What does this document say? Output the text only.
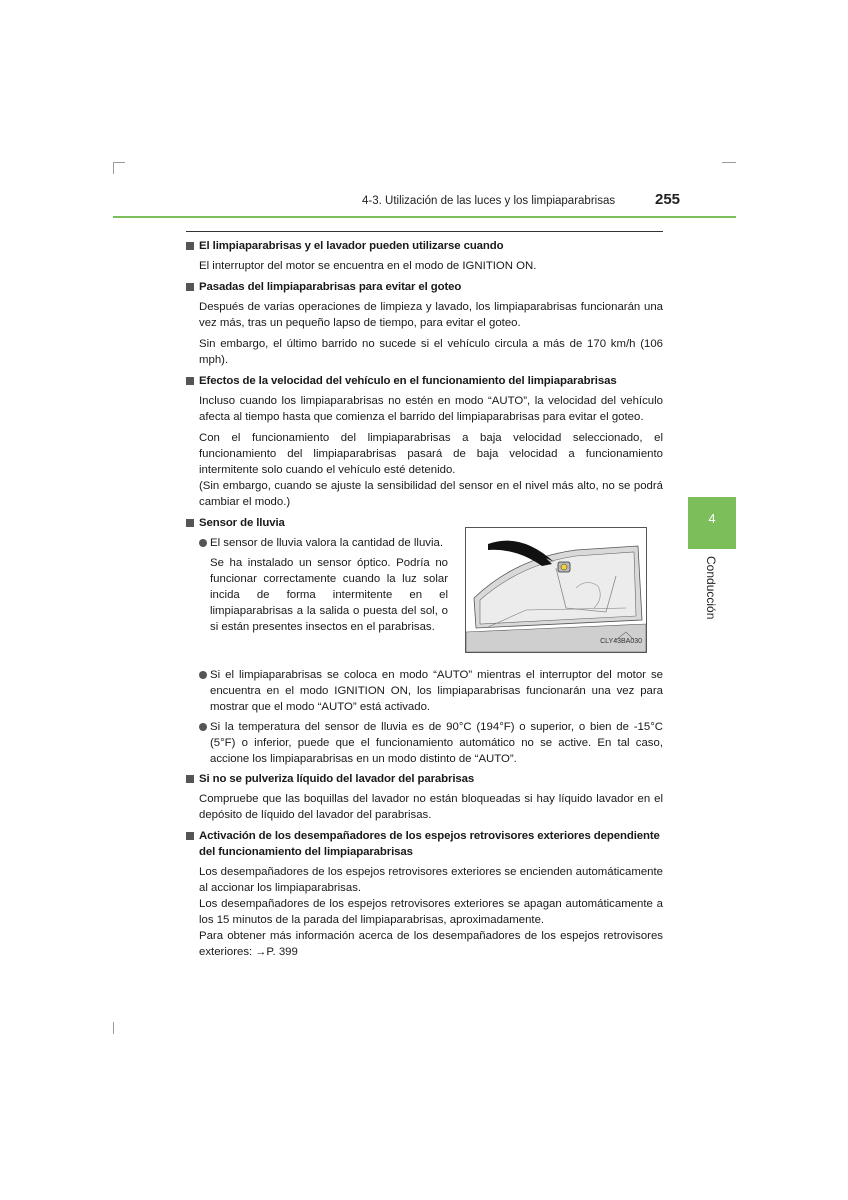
4-3. Utilización de las luces y los limpiaparabrisas	255
4
Conducción
El limpiaparabrisas y el lavador pueden utilizarse cuando

El interruptor del motor se encuentra en el modo de IGNITION ON.

Pasadas del limpiaparabrisas para evitar el goteo

Después de varias operaciones de limpieza y lavado, los limpiaparabrisas funcionarán una vez más, tras un pequeño lapso de tiempo, para evitar el goteo.

Sin embargo, el último barrido no sucede si el vehículo circula a más de 170 km/h (106 mph).

Efectos de la velocidad del vehículo en el funcionamiento del limpiaparabrisas

Incluso cuando los limpiaparabrisas no estén en modo “AUTO”, la velocidad del vehículo afecta al tiempo hasta que comienza el barrido del limpiaparabrisas para evitar el goteo.

Con el funcionamiento del limpiaparabrisas a baja velocidad seleccionado, el funcionamiento del limpiaparabrisas pasará de baja velocidad a funcionamiento intermitente solo cuando el vehículo esté detenido.

(Sin embargo, cuando se ajuste la sensibilidad del sensor en el nivel más alto, no se podrá cambiar el modo.)

Sensor de lluvia
El sensor de lluvia valora la cantidad de lluvia.

Se ha instalado un sensor óptico. Podría no funcionar correctamente cuando la luz solar incida de forma intermitente en el limpiaparabrisas a la salida o puesta del sol, o si están presentes insectos en el parabrisas.

CLY43BA030
Si el limpiaparabrisas se coloca en modo “AUTO” mientras el interruptor del motor se encuentra en el modo IGNITION ON, los limpiaparabrisas funcionarán una vez para mostrar que el modo “AUTO” está activado.
Si la temperatura del sensor de lluvia es de 90°C (194°F) o superior, o bien de -15°C (5°F) o inferior, puede que el funcionamiento automático no se active. En tal caso, accione los limpiaparabrisas en un modo distinto de “AUTO”.
Si no se pulveriza líquido del lavador del parabrisas

Compruebe que las boquillas del lavador no están bloqueadas si hay líquido lavador en el depósito de líquido del lavador del parabrisas.

Activación de los desempañadores de los espejos retrovisores exteriores dependiente del funcionamiento del limpiaparabrisas

Los desempañadores de los espejos retrovisores exteriores se encienden automáticamente al accionar los limpiaparabrisas.

Los desempañadores de los espejos retrovisores exteriores se apagan automáticamente a los 15 minutos de la parada del limpiaparabrisas, aproximadamente.

Para obtener más información acerca de los desempañadores de los espejos retrovisores exteriores: →P. 399
